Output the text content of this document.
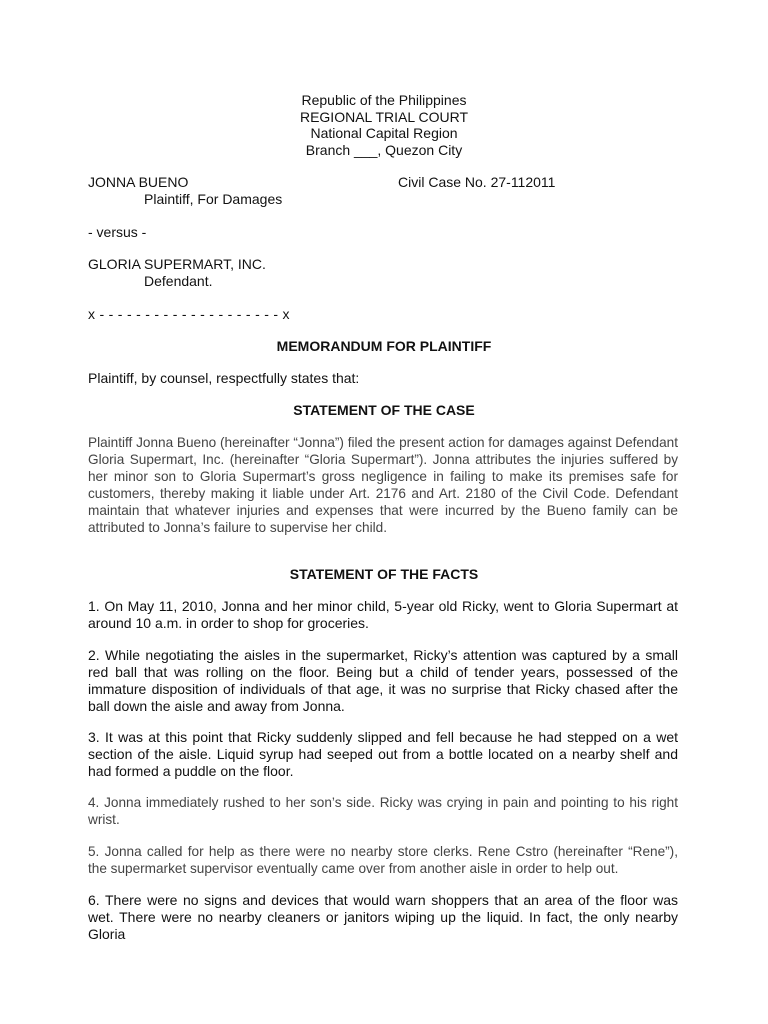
Republic of the Philippines
REGIONAL TRIAL COURT
National Capital Region
Branch ___, Quezon City
JONNA BUENO	Civil Case No. 27-112011
Plaintiff, For Damages
- versus -
GLORIA SUPERMART, INC.
Defendant.
x - - - - - - - - - - - - - - - - - - - - x
MEMORANDUM FOR PLAINTIFF
Plaintiff, by counsel, respectfully states that:
STATEMENT OF THE CASE
Plaintiff Jonna Bueno (hereinafter “Jonna”) filed the present action for damages against Defendant Gloria Supermart, Inc. (hereinafter “Gloria Supermart”). Jonna attributes the injuries suffered by her minor son to Gloria Supermart’s gross negligence in failing to make its premises safe for customers, thereby making it liable under Art. 2176 and Art. 2180 of the Civil Code. Defendant maintain that whatever injuries and expenses that were incurred by the Bueno family can be attributed to Jonna’s failure to supervise her child.
STATEMENT OF THE FACTS
1. On May 11, 2010, Jonna and her minor child, 5-year old Ricky, went to Gloria Supermart at around 10 a.m. in order to shop for groceries.
2. While negotiating the aisles in the supermarket, Ricky’s attention was captured by a small red ball that was rolling on the floor. Being but a child of tender years, possessed of the immature disposition of individuals of that age, it was no surprise that Ricky chased after the ball down the aisle and away from Jonna.
3. It was at this point that Ricky suddenly slipped and fell because he had stepped on a wet section of the aisle. Liquid syrup had seeped out from a bottle located on a nearby shelf and had formed a puddle on the floor.
4. Jonna immediately rushed to her son’s side. Ricky was crying in pain and pointing to his right wrist.
5. Jonna called for help as there were no nearby store clerks. Rene Cstro (hereinafter “Rene”), the supermarket supervisor eventually came over from another aisle in order to help out.
6. There were no signs and devices that would warn shoppers that an area of the floor was wet. There were no nearby cleaners or janitors wiping up the liquid. In fact, the only nearby Gloria
